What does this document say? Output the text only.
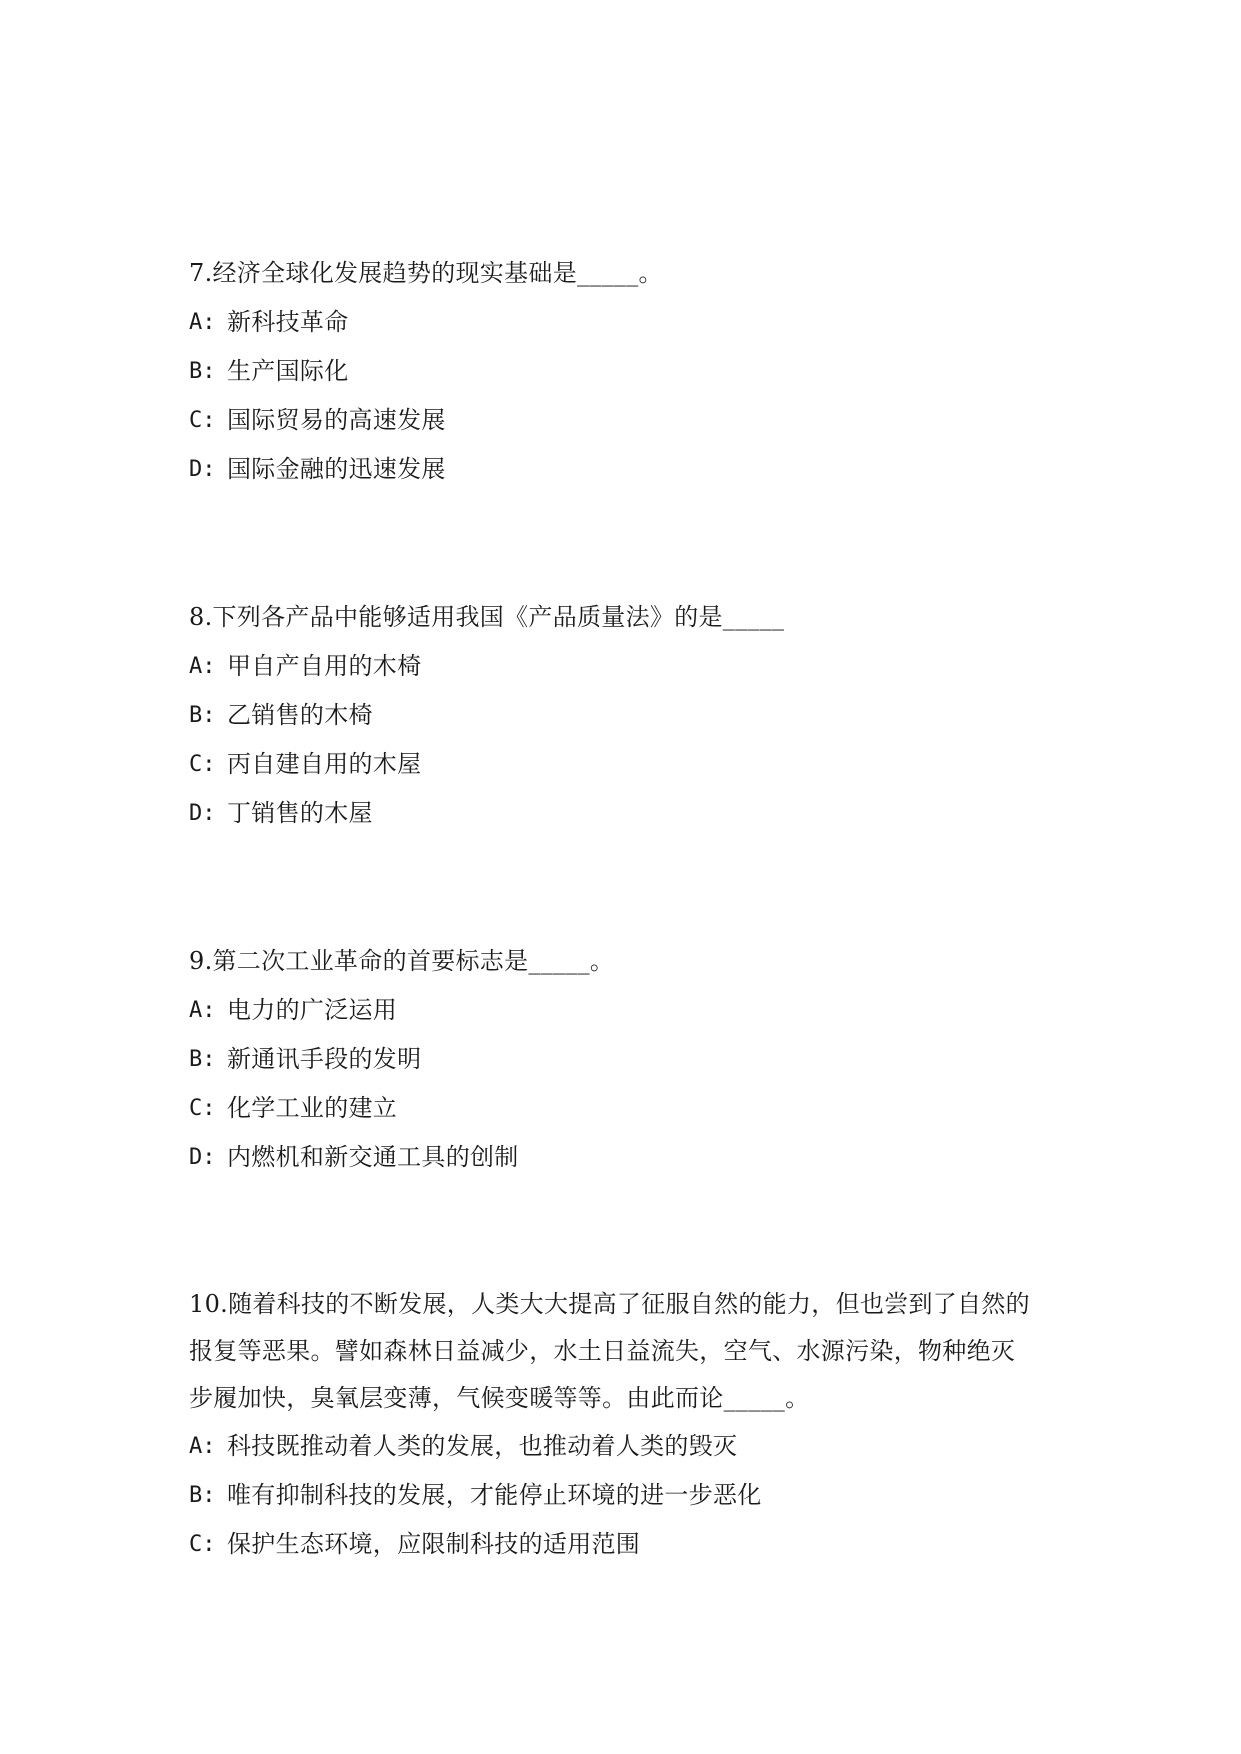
7.经济全球化发展趋势的现实基础是_____。
A: 新科技革命
B: 生产国际化
C: 国际贸易的高速发展
D: 国际金融的迅速发展
8.下列各产品中能够适用我国《产品质量法》的是_____
A: 甲自产自用的木椅
B: 乙销售的木椅
C: 丙自建自用的木屋
D: 丁销售的木屋
9.第二次工业革命的首要标志是_____。
A: 电力的广泛运用
B: 新通讯手段的发明
C: 化学工业的建立
D: 内燃机和新交通工具的创制
10.随着科技的不断发展，人类大大提高了征服自然的能力，但也尝到了自然的
报复等恶果。譬如森林日益减少，水土日益流失，空气、水源污染，物种绝灭
步履加快，臭氧层变薄，气候变暖等等。由此而论_____。
A: 科技既推动着人类的发展，也推动着人类的毁灭
B: 唯有抑制科技的发展，才能停止环境的进一步恶化
C: 保护生态环境，应限制科技的适用范围
